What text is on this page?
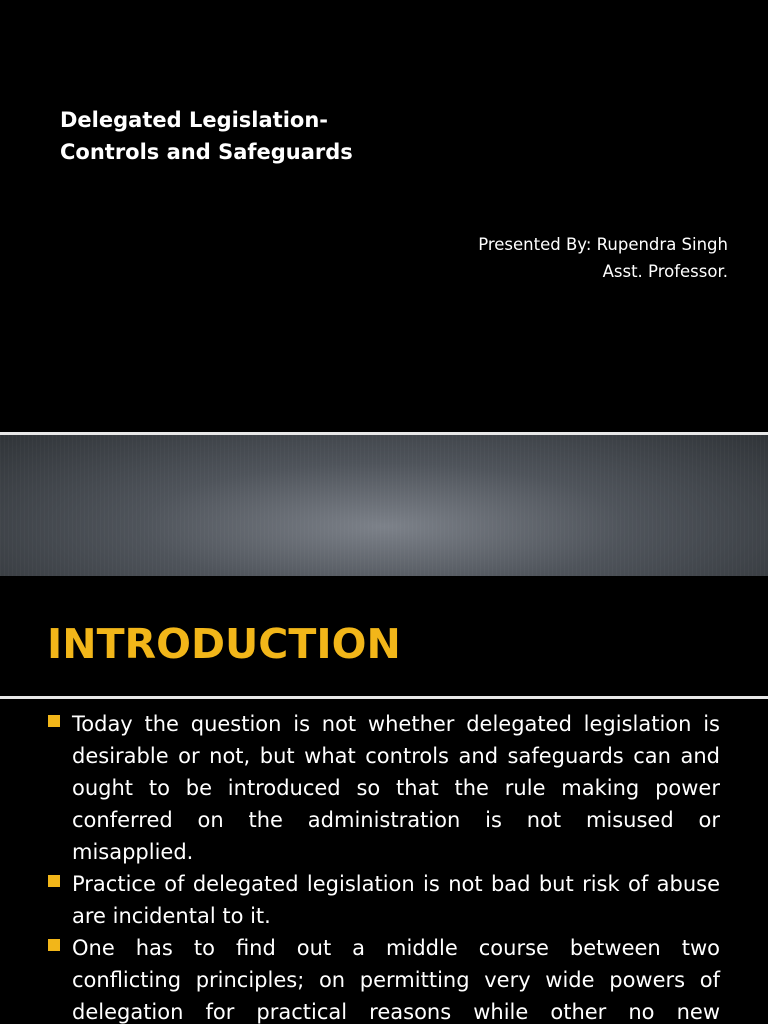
Delegated Legislation-
Controls and Safeguards
Presented By: Rupendra Singh
Asst. Professor.
INTRODUCTION
Today the question is not whether delegated legislation is
desirable or not, but what controls and safeguards can and
ought to be introduced so that the rule making power
conferred on the administration is not misused or
misapplied.
Practice of delegated legislation is not bad but risk of abuse
are incidental to it.
One has to find out a middle course between two
conflicting principles; on permitting very wide powers of
delegation for practical reasons while other no new
